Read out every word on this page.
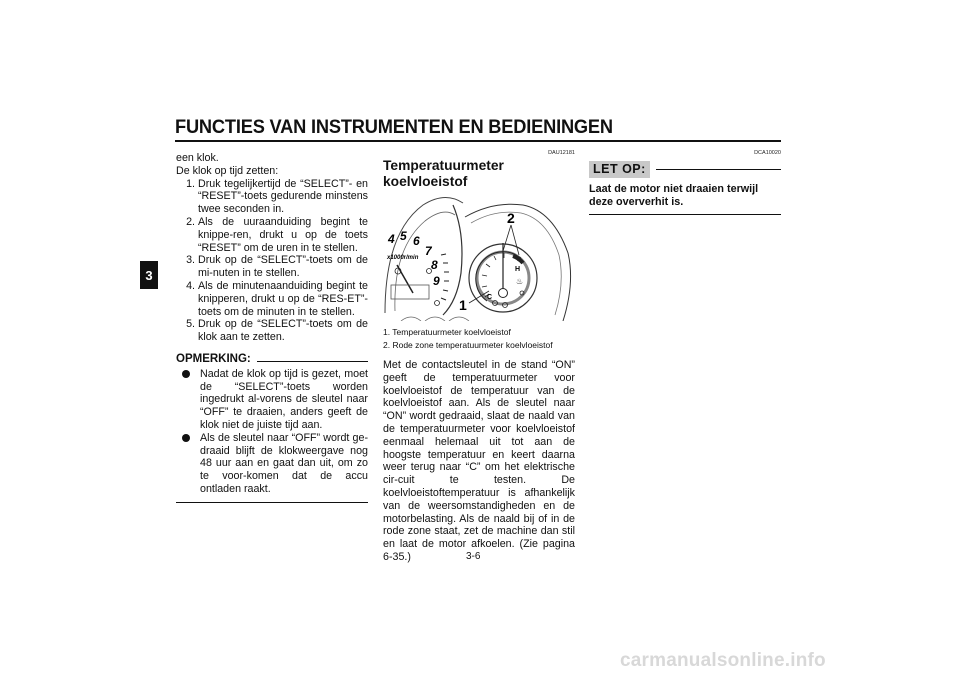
FUNCTIES VAN INSTRUMENTEN EN BEDIENINGEN
3

een klok.

De klok op tijd zetten:

1. Druk tegelijkertijd de “SELECT”- en “RESET”-toets gedurende minstens twee seconden in.
2. Als de uuraanduiding begint te knippe-ren, drukt u op de toets “RESET” om de uren in te stellen.
3. Druk op de “SELECT”-toets om de mi-nuten in te stellen.
4. Als de minutenaanduiding begint te knipperen, drukt u op de “RES-ET”-toets om de minuten in te stellen.
5. Druk op de “SELECT”-toets om de klok aan te zetten.
OPMERKING:
Nadat de klok op tijd is gezet, moet de “SELECT”-toets worden ingedrukt al-vorens de sleutel naar “OFF” te draaien, anders geeft de klok niet de juiste tijd aan.
Als de sleutel naar “OFF” wordt ge-draaid blijft de klokweergave nog 48 uur aan en gaat dan uit, om zo te voor-komen dat de accu ontladen raakt.
DAU12181
Temperatuurmeter koelvloeistof
4 5 6
7
8
9
x1000r/min
H
C
♨
2
1

1. Temperatuurmeter koelvloeistof

2. Rode zone temperatuurmeter koelvloeistof

Met de contactsleutel in de stand “ON” geeft de temperatuurmeter voor koelvloeistof de temperatuur van de koelvloeistof aan. Als de sleutel naar “ON” wordt gedraaid, slaat de naald van de temperatuurmeter voor koelvloeistof eenmaal helemaal uit tot aan de hoogste temperatuur en keert daarna weer terug naar “C” om het elektrische cir-cuit te testen. De koelvloeistoftemperatuur is afhankelijk van de weersomstandigheden en de motorbelasting. Als de naald bij of in de rode zone staat, zet de machine dan stil en laat de motor afkoelen. (Zie pagina 6-35.)

DCA10020
LET OP:

Laat de motor niet draaien terwijl deze oververhit is.

3-6
carmanualsonline.info
